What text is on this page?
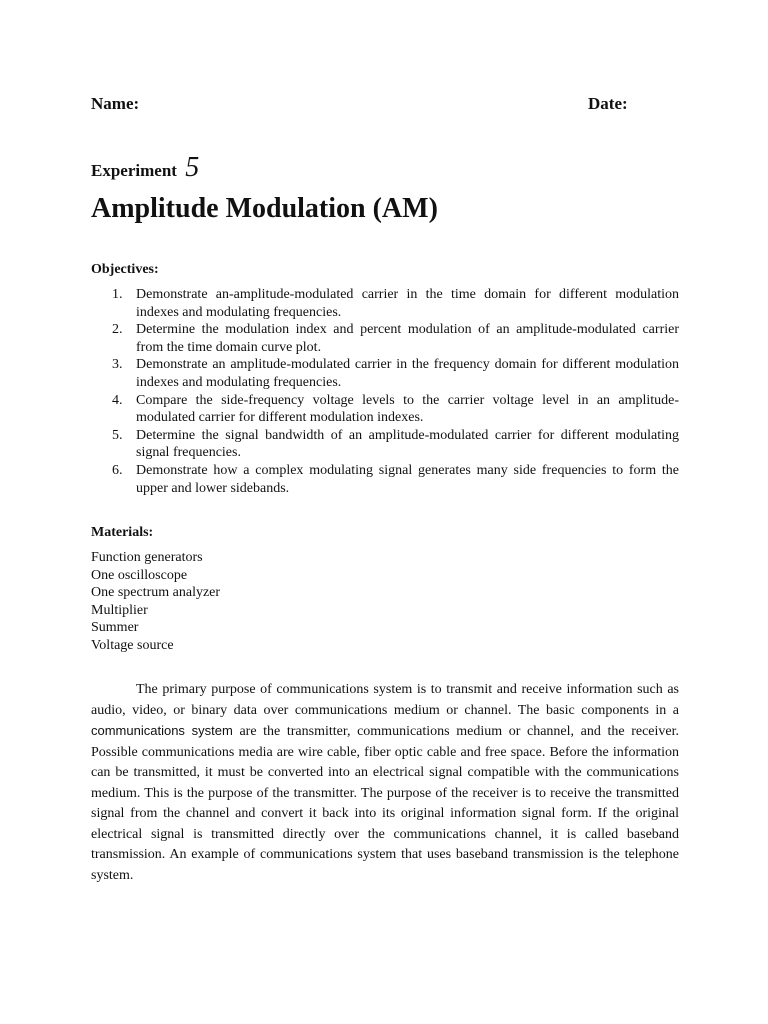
Name:	Date:
Experiment 5
Amplitude Modulation (AM)
Objectives:
1. Demonstrate an-amplitude-modulated carrier in the time domain for different modulation indexes and modulating frequencies.
2. Determine the modulation index and percent modulation of an amplitude-modulated carrier from the time domain curve plot.
3. Demonstrate an amplitude-modulated carrier in the frequency domain for different modulation indexes and modulating frequencies.
4. Compare the side-frequency voltage levels to the carrier voltage level in an amplitude-modulated carrier for different modulation indexes.
5. Determine the signal bandwidth of an amplitude-modulated carrier for different modulating signal frequencies.
6. Demonstrate how a complex modulating signal generates many side frequencies to form the upper and lower sidebands.
Materials:
Function generators
One oscilloscope
One spectrum analyzer
Multiplier
Summer
Voltage source

The primary purpose of communications system is to transmit and receive information such as audio, video, or binary data over communications medium or channel. The basic components in a communications system are the transmitter, communications medium or channel, and the receiver. Possible communications media are wire cable, fiber optic cable and free space. Before the information can be transmitted, it must be converted into an electrical signal compatible with the communications medium. This is the purpose of the transmitter. The purpose of the receiver is to receive the transmitted signal from the channel and convert it back into its original information signal form. If the original electrical signal is transmitted directly over the communications channel, it is called baseband transmission. An example of communications system that uses baseband transmission is the telephone system.
